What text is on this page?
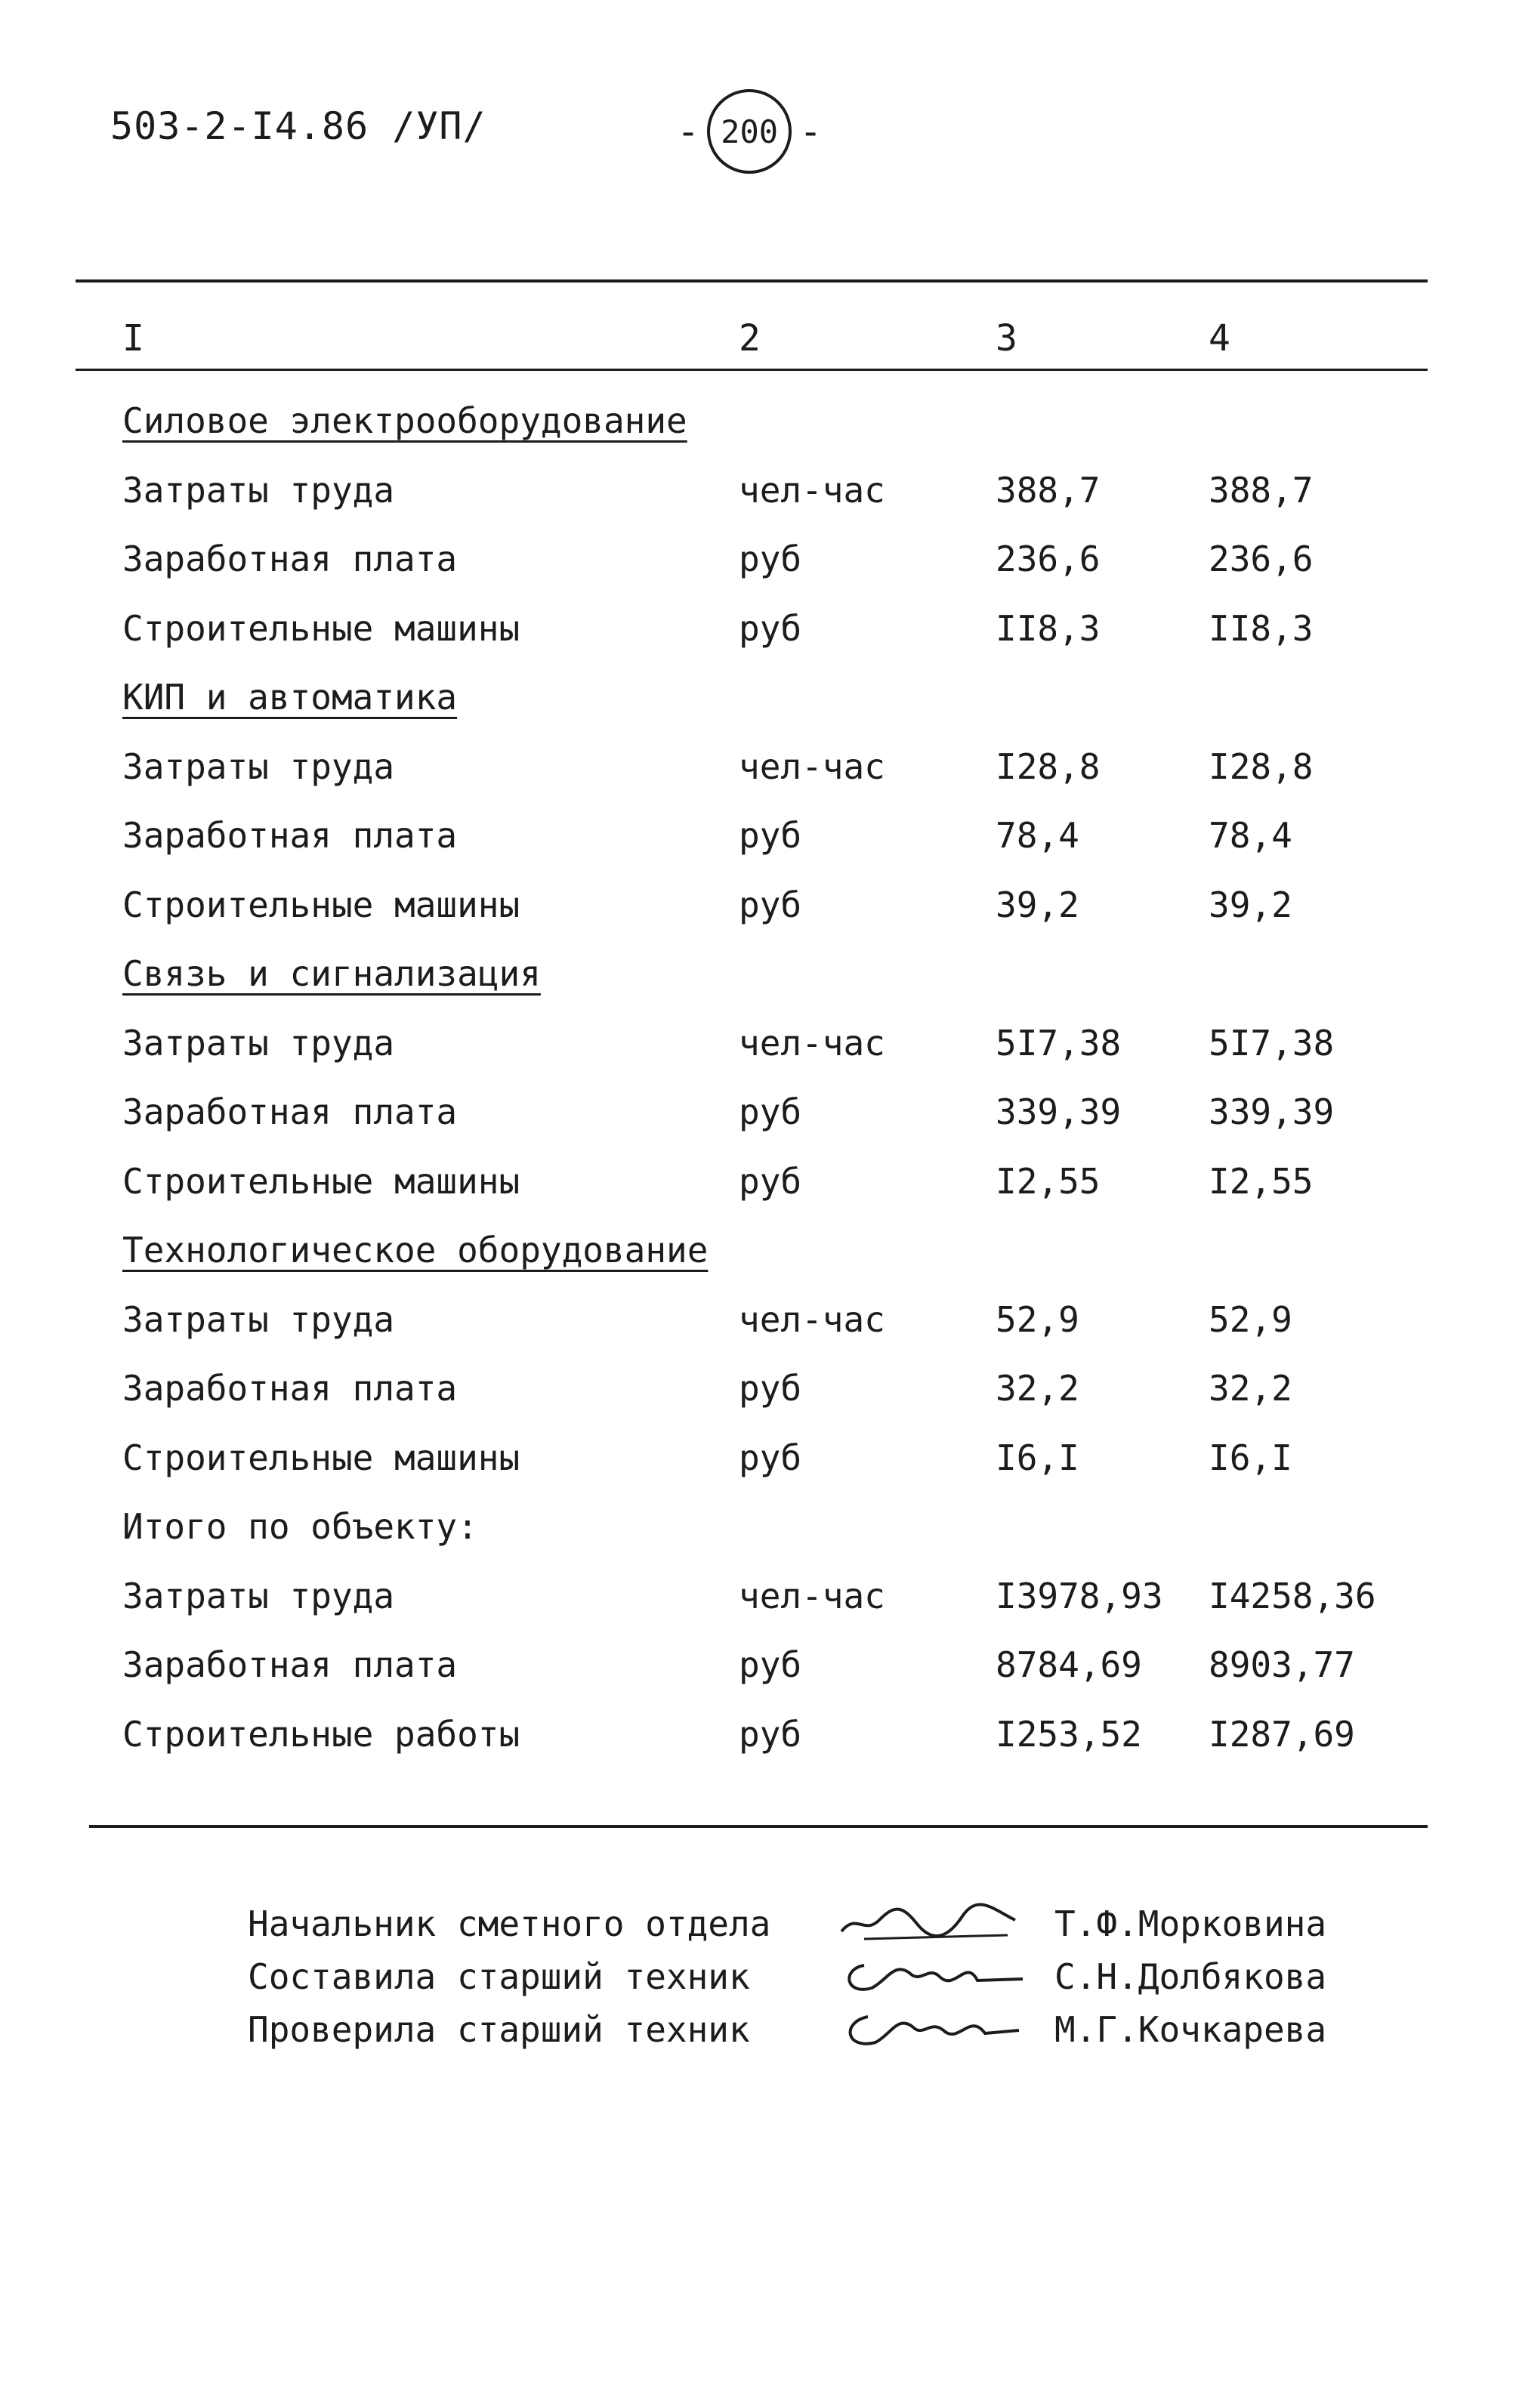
503-2-I4.86 /УП/	- 200 -
I	2	3	4
Силовое электрооборудование
Затраты труда	чел-час	388,7	388,7
Заработная плата	руб	236,6	236,6
Строительные машины	руб	II8,3	II8,3
КИП и автоматика
Затраты труда	чел-час	I28,8	I28,8
Заработная плата	руб	78,4	78,4
Строительные машины	руб	39,2	39,2
Связь и сигнализация
Затраты труда	чел-час	5I7,38	5I7,38
Заработная плата	руб	339,39	339,39
Строительные машины	руб	I2,55	I2,55
Технологическое оборудование
Затраты труда	чел-час	52,9	52,9
Заработная плата	руб	32,2	32,2
Строительные машины	руб	I6,I	I6,I
Итого по объекту:
Затраты труда	чел-час	I3978,93 I4258,36
Заработная плата	руб	8784,69 8903,77
Строительные работы	руб	I253,52 I287,69
Начальник сметного отдела	Т.Ф.Морковина
Составила старший техник	С.Н.Долбякова
Проверила старший техник	М.Г.Кочкарева
